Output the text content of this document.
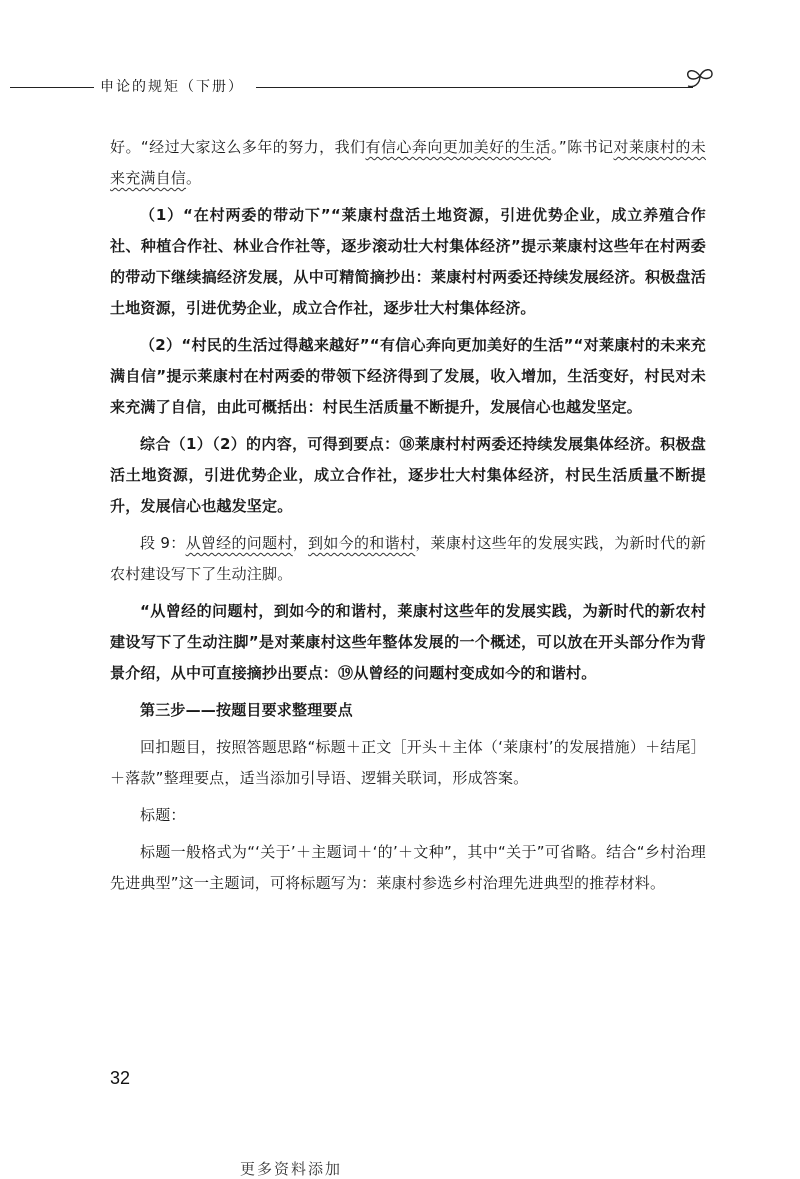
申论的规矩（下册）

好。“经过大家这么多年的努力，我们有信心奔向更加美好的生活。”陈书记对莱康村的未来充满自信。

（1）“在村两委的带动下”“莱康村盘活土地资源，引进优势企业，成立养殖合作社、种植合作社、林业合作社等，逐步滚动壮大村集体经济”提示莱康村这些年在村两委的带动下继续搞经济发展，从中可精简摘抄出：莱康村村两委还持续发展经济。积极盘活土地资源，引进优势企业，成立合作社，逐步壮大村集体经济。

（2）“村民的生活过得越来越好”“有信心奔向更加美好的生活”“对莱康村的未来充满自信”提示莱康村在村两委的带领下经济得到了发展，收入增加，生活变好，村民对未来充满了自信，由此可概括出：村民生活质量不断提升，发展信心也越发坚定。

综合（1）（2）的内容，可得到要点：⑱莱康村村两委还持续发展集体经济。积极盘活土地资源，引进优势企业，成立合作社，逐步壮大村集体经济，村民生活质量不断提升，发展信心也越发坚定。

段 9：从曾经的问题村，到如今的和谐村，莱康村这些年的发展实践，为新时代的新农村建设写下了生动注脚。

“从曾经的问题村，到如今的和谐村，莱康村这些年的发展实践，为新时代的新农村建设写下了生动注脚”是对莱康村这些年整体发展的一个概述，可以放在开头部分作为背景介绍，从中可直接摘抄出要点：⑲从曾经的问题村变成如今的和谐村。

第三步——按题目要求整理要点

回扣题目，按照答题思路“标题＋正文［开头＋主体（‘莱康村’的发展措施）＋结尾］＋落款”整理要点，适当添加引导语、逻辑关联词，形成答案。

标题：

标题一般格式为“‘关于’＋主题词＋‘的’＋文种”，其中“关于”可省略。结合“乡村治理先进典型”这一主题词，可将标题写为：莱康村参选乡村治理先进典型的推荐材料。

32
更多资料添加
